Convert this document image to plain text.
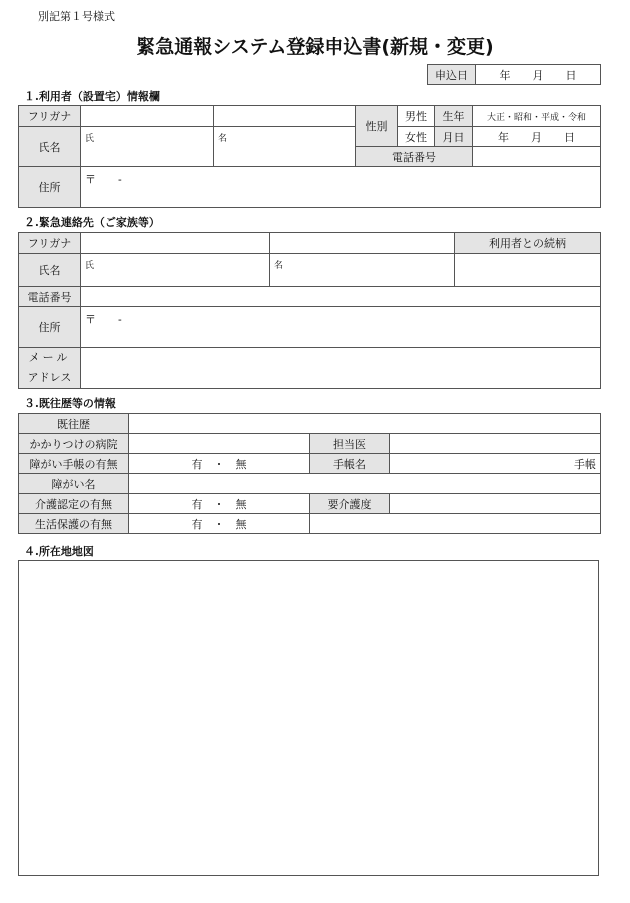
別記第１号様式
緊急通報システム登録申込書(新規・変更)
申込日	年　　月　　日
１.利用者（設置宅）情報欄
フリガナ			性別	男性	生年	大正・昭和・平成・令和
氏名	氏	名		女性	月日	年　　月　　日
			電話番号			
住所	〒　　-					
２.緊急連絡先（ご家族等）
フリガナ			利用者との続柄
氏名	氏	名	
電話番号			
住所	〒　　-		

メール
アドレス			

３.既往歴等の情報
既往歴			
かかりつけの病院		担当医	
障がい手帳の有無	有　・　無	手帳名	手帳
障がい名			
介護認定の有無	有　・　無	要介護度	
生活保護の有無	有　・　無		
４.所在地地図
